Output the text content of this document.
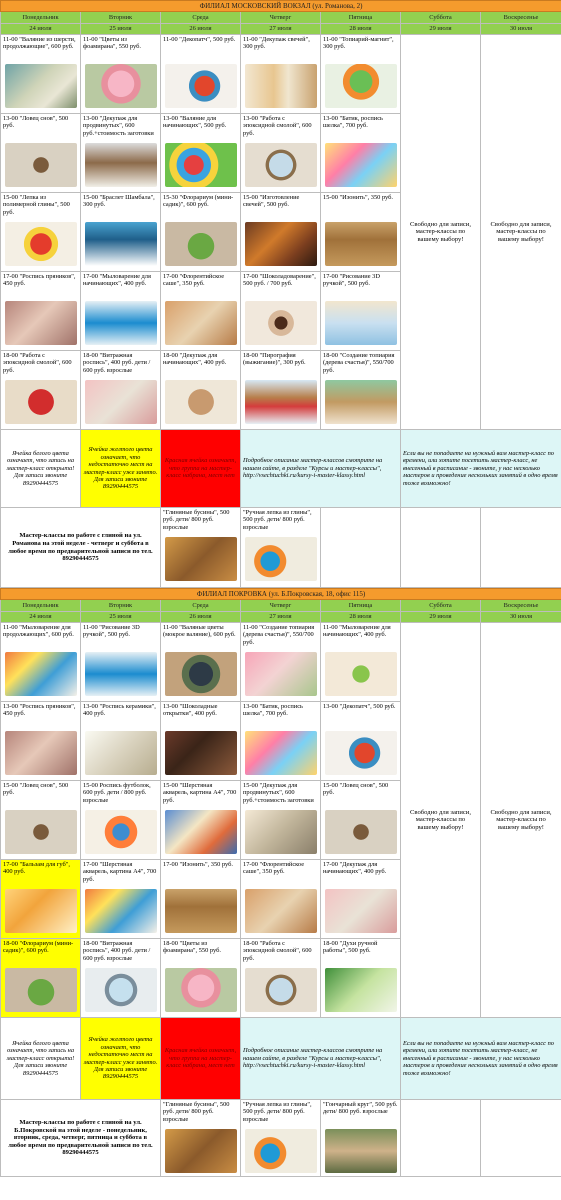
ФИЛИАЛ МОСКОВСКИЙ ВОКЗАЛ (ул. Романова, 2)						
Понедельник	Вторник	Среда	Четверг	Пятница	Суббота	Воскресенье
24 июля	25 июля	26 июля	27 июля	28 июля	29 июля	30 июля

11-00 "Валяние из шерсти, продолжающие", 600 руб.	11-00 "Цветы из фоамирана", 550 руб.	11-00 "Декопатч", 500 руб.	11-00 "Декупаж свечей", 300 руб.	11-00 "Топиарий-магнит", 300 руб.	Свободно для записи, мастер-классы по вашему выбору!	Свободно для записи, мастер-классы по вашему выбору!

13-00 "Ловец снов", 500 руб.	13-00 "Декупаж для продвинутых", 600 руб.+стоимость заготовки	13-00 "Валяние для начинающих", 500 руб.	13-00 "Работа с эпоксидной смолой", 600 руб.	13-00 "Батик, роспись шелка", 700 руб.		

15-00 "Лепка из полимерной глины", 500 руб.	15-00 "Браслет Шамбала", 300 руб.	15-30 "Флорариум (мини-садик)", 600 руб.	15-00 "Изготовление свечей", 500 руб.	15-00 "Изонить", 350 руб.		

17-00 "Роспись пряников", 450 руб.	17-00 "Мыловарение для начинающих", 400 руб.	17-00 "Флорентийское саше", 350 руб.	17-00 "Шоколадоварение", 500 руб. / 700 руб.	17-00 "Рисование 3D ручкой", 500 руб.		

18-00 "Работа с эпоксидной смолой", 600 руб.	18-00 "Витражная роспись", 400 руб. дети / 600 руб. взрослые	18-00 "Декупаж для начинающих", 400 руб.	18-00 "Пирография (выжигание)", 300 руб.	18-00 "Создание топиария (дерева счастья)", 550/700 руб.		

Ячейка белого цвета означает, что запись на мастер-класс открыта! Для записи звоните 89290444575	Ячейка желтого цвета означает, что недостаточно мест на мастер-класс уже занято. Для записи звоните 89290444575	Красная ячейка означает, что группа на мастер-класс набрана, мест нет	Подробное описание мастер-классов смотрите на нашем сайте, в разделе "Курсы и мастер-классы", http://vsechtuchki.ru/kursy-i-master-klassy.html		Если вы не попадаете на нужный вам мастер-класс по времени, или хотите посетить мастер-класс, не внесенный в расписание - звоните, у нас несколько мастеров и проведение нескольких занятий в одно время тоже возможно!	
Мастер-классы по работе с глиной на ул. Романова на этой неделе - четверг и суббота в любое время по предварительной записи по тел. 89290444575		"Глиняные бусины", 500 руб. дети/ 800 руб. взрослые	"Ручная лепка из глины", 500 руб. дети/ 800 руб. взрослые			

ФИЛИАЛ ПОКРОВКА (ул. Б.Покровская, 18, офис 115)						
Понедельник	Вторник	Среда	Четверг	Пятница	Суббота	Воскресенье
24 июля	25 июля	26 июля	27 июля	28 июля	29 июля	30 июля

11-00 "Мыловарение для продолжающих", 600 руб.	11-00 "Рисование 3D ручкой", 500 руб.	11-00 "Валяные цветы (мокрое валяние), 600 руб.	11-00 "Создание топиария (дерева счастья)", 550/700 руб.	11-00 "Мыловарение для начинающих", 400 руб.	Свободно для записи, мастер-классы по вашему выбору!	Свободно для записи, мастер-классы по вашему выбору!

13-00 "Роспись пряников", 450 руб.	13-00 "Роспись керамики", 400 руб.	13-00 "Шоколадные открытки", 400 руб.	13-00 "Батик, роспись шелка", 700 руб.	13-00 "Декопатч", 500 руб.		

15-00 "Ловец снов", 500 руб.	15-00 Роспись футболок, 600 руб. дети / 800 руб. взрослые	15-00 "Шерстяная акварель, картина А4", 700 руб.	15-00 "Декупаж для продвинутых", 600 руб.+стоимость заготовки	15-00 "Ловец снов", 500 руб.		

17-00 "Бальзам для губ", 400 руб.	17-00 "Шерстяная акварель, картина А4", 700 руб.	17-00 "Изонить", 350 руб.	17-00 "Флорентийское саше", 350 руб.	17-00 "Декупаж для начинающих", 400 руб.		

18-00 "Флорариум (мини-садик)", 600 руб.	18-00 "Витражная роспись", 400 руб. дети / 600 руб. взрослые	18-00 "Цветы из фоамирана", 550 руб.	18-00 "Работа с эпоксидной смолой", 600 руб.	18-00 "Духи ручной работы", 500 руб.		

Ячейка белого цвета означает, что запись на мастер-класс открыта! Для записи звоните 89290444575	Ячейка желтого цвета означает, что недостаточно мест на мастер-класс уже занято. Для записи звоните 89290444575	Красная ячейка означает, что группа на мастер-класс набрана, мест нет	Подробное описание мастер-классов смотрите на нашем сайте, в разделе "Курсы и мастер-классы", http://vsechtuchki.ru/kursy-i-master-klassy.html		Если вы не попадаете на нужный вам мастер-класс по времени, или хотите посетить мастер-класс, не внесенный в расписание - звоните, у нас несколько мастеров и проведение нескольких занятий в одно время тоже возможно!	
Мастер-классы по работе с глиной на ул. Б.Покровской на этой неделе - понедельник, вторник, среда, четверг, пятница и суббота в любое время по предварительной записи по тел. 89290444575		"Глиняные бусины", 500 руб. дети/ 800 руб. взрослые	"Ручная лепка из глины", 500 руб. дети/ 800 руб. взрослые	"Гончарный круг", 500 руб. дети/ 800 руб. взрослые		
